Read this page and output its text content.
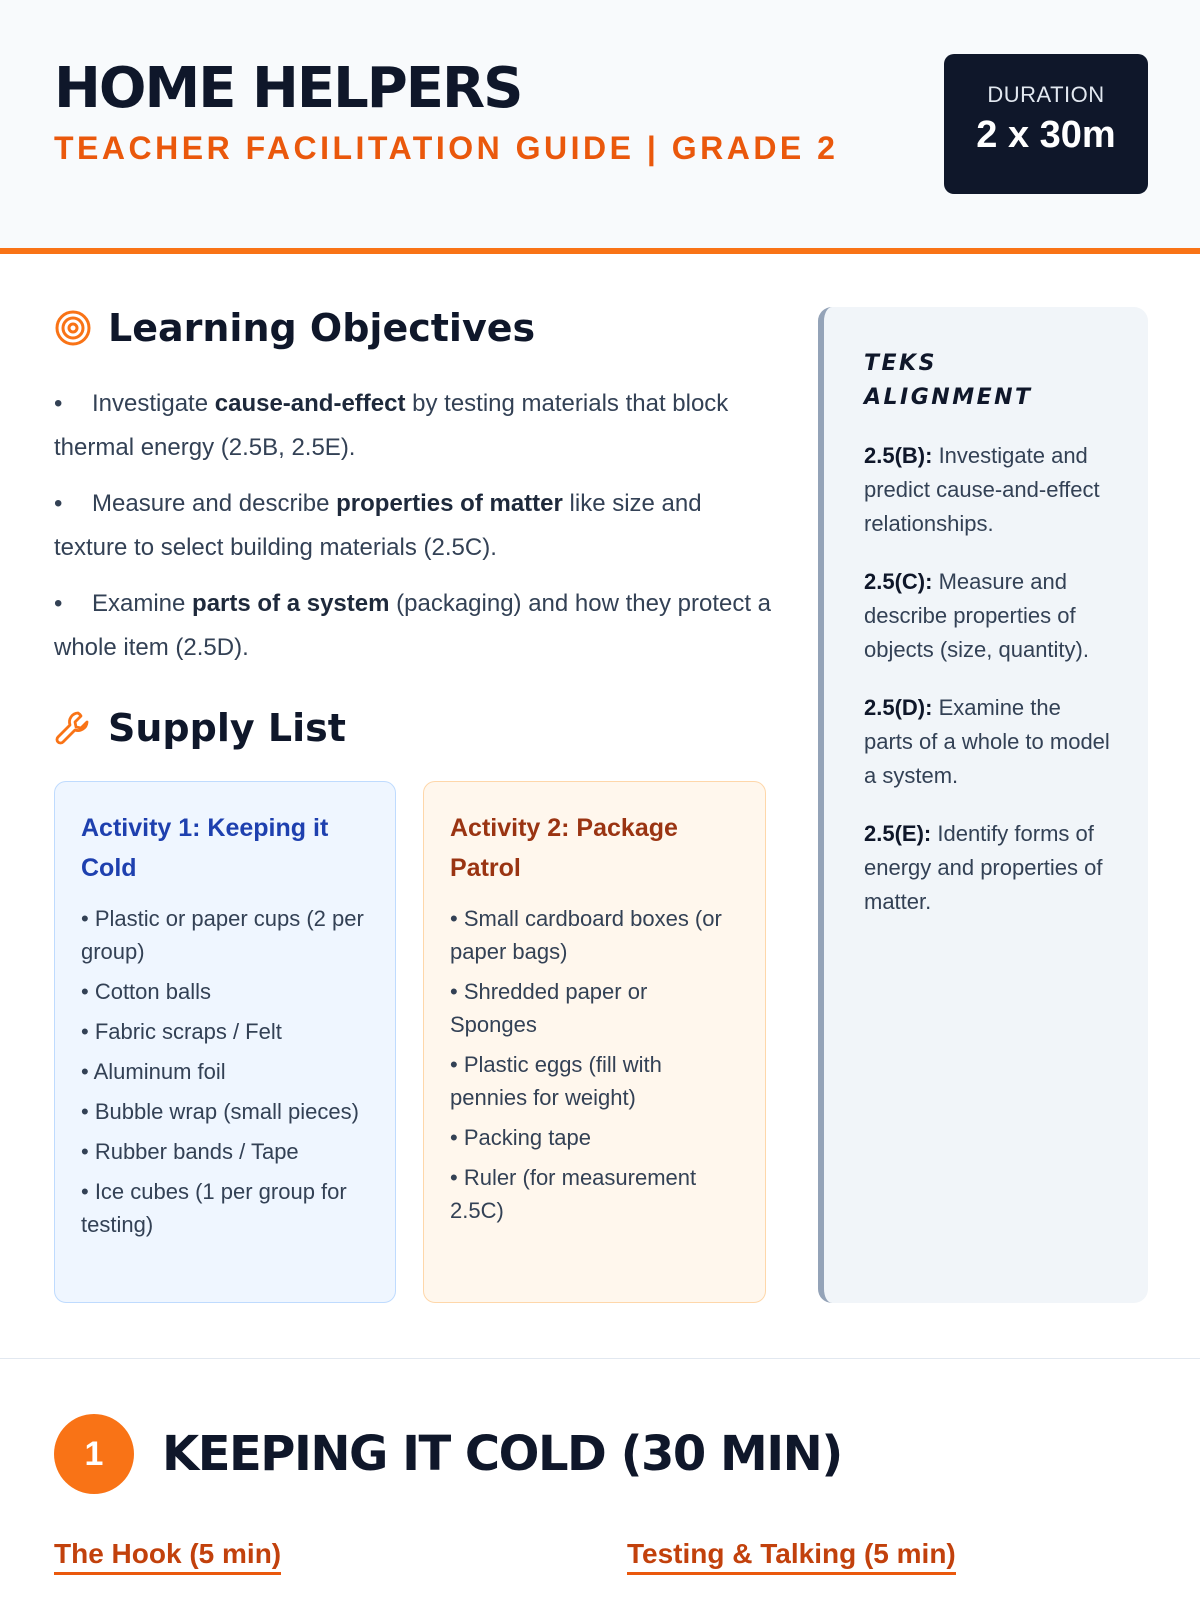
HOME HELPERS
TEACHER FACILITATION GUIDE | GRADE 2
DURATION
2 x 30m
Learning Objectives
• Investigate cause-and-effect by testing materials that block thermal energy (2.5B, 2.5E).
• Measure and describe properties of matter like size and texture to select building materials (2.5C).
• Examine parts of a system (packaging) and how they protect a whole item (2.5D).
Supply List
Activity 1: Keeping it Cold
• Plastic or paper cups (2 per group)
• Cotton balls
• Fabric scraps / Felt
• Aluminum foil
• Bubble wrap (small pieces)
• Rubber bands / Tape
• Ice cubes (1 per group for testing)
Activity 2: Package Patrol
• Small cardboard boxes (or paper bags)
• Shredded paper or Sponges
• Plastic eggs (fill with pennies for weight)
• Packing tape
• Ruler (for measurement 2.5C)
TEKS ALIGNMENT

2.5(B): Investigate and predict cause-and-effect relationships.

2.5(C): Measure and describe properties of objects (size, quantity).

2.5(D): Examine the parts of a whole to model a system.

2.5(E): Identify forms of energy and properties of matter.

1	KEEPING IT COLD (30 MIN)
The Hook (5 min)	Testing & Talking (5 min)
